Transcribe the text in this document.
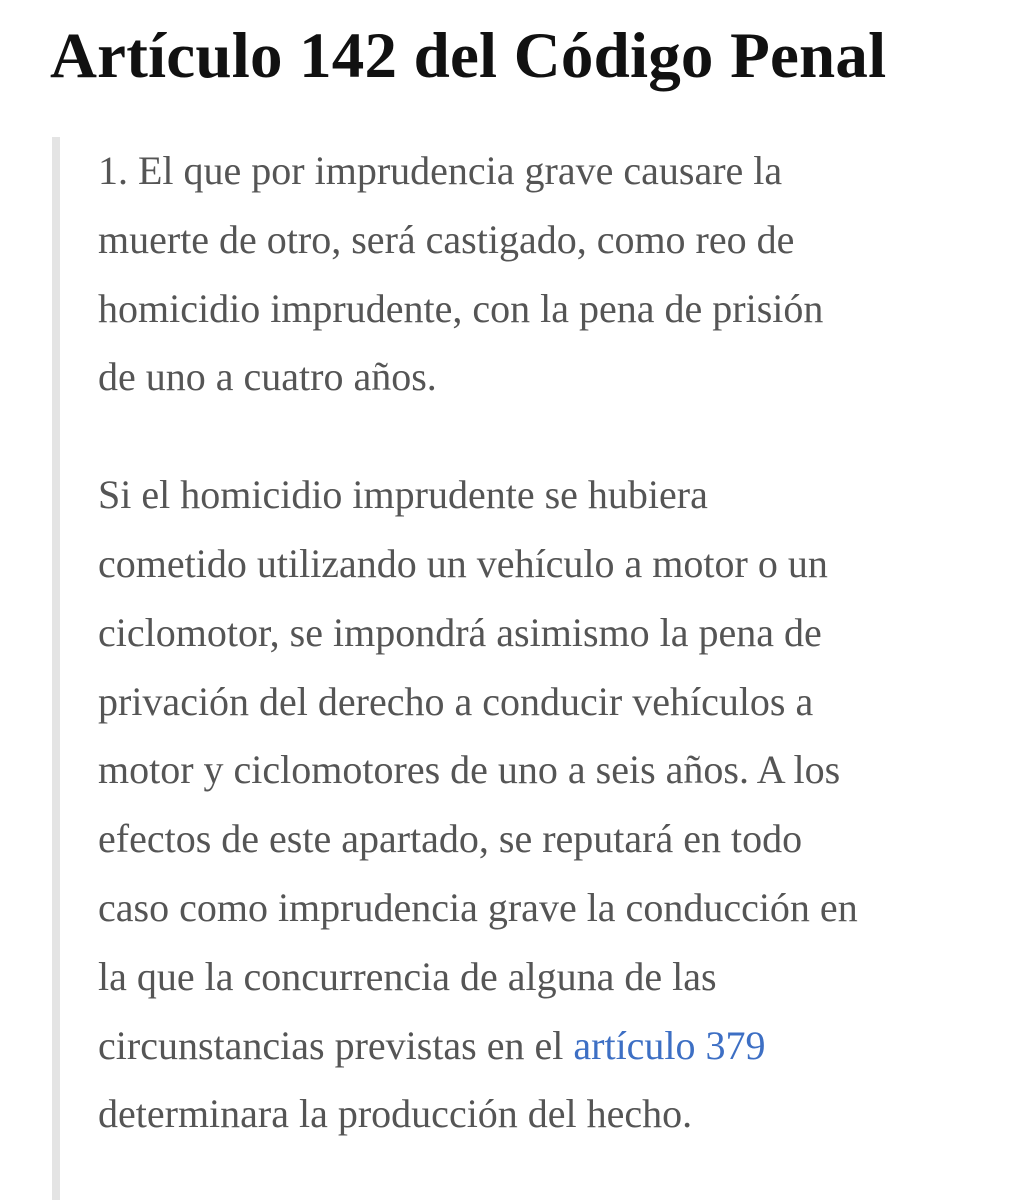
Artículo 142 del Código Penal

1. El que por imprudencia grave causare la
muerte de otro, será castigado, como reo de
homicidio imprudente, con la pena de prisión
de uno a cuatro años.

Si el homicidio imprudente se hubiera
cometido utilizando un vehículo a motor o un
ciclomotor, se impondrá asimismo la pena de
privación del derecho a conducir vehículos a
motor y ciclomotores de uno a seis años. A los
efectos de este apartado, se reputará en todo
caso como imprudencia grave la conducción en
la que la concurrencia de alguna de las
circunstancias previstas en el artículo 379
determinara la producción del hecho.
